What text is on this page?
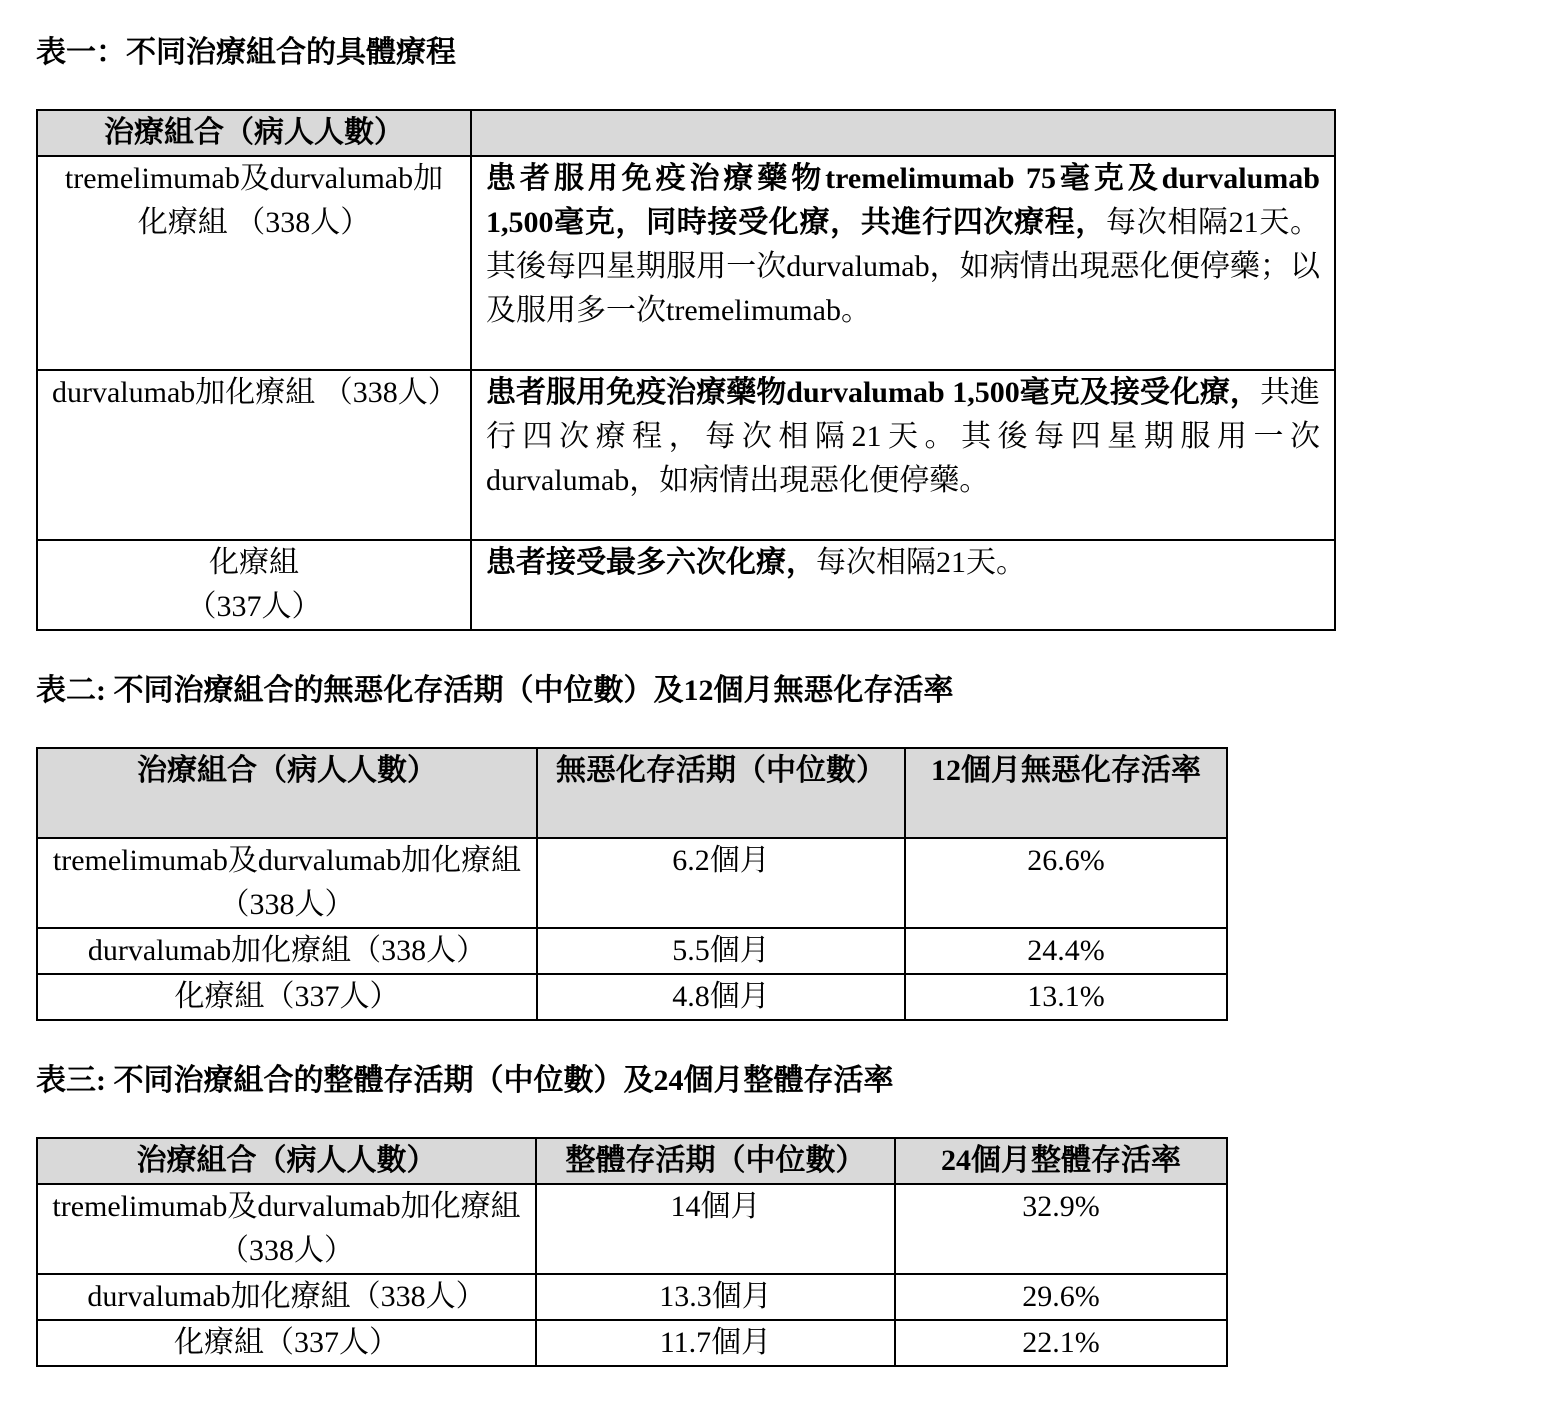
表一：不同治療組合的具體療程
治療組合（病人人數）	
tremelimumab及durvalumab加化療組 （338人）	患者服用免疫治療藥物tremelimumab 75毫克及durvalumab 1,500毫克，同時接受化療，共進行四次療程，每次相隔21天。其後每四星期服用一次durvalumab，如病情出現惡化便停藥；以及服用多一次tremelimumab。
durvalumab加化療組 （338人）	患者服用免疫治療藥物durvalumab 1,500毫克及接受化療，共進行四次療程，每次相隔21天。其後每四星期服用一次durvalumab，如病情出現惡化便停藥。
化療組
（337人）	患者接受最多六次化療，每次相隔21天。
表二: 不同治療組合的無惡化存活期（中位數）及12個月無惡化存活率
治療組合（病人人數）	無惡化存活期（中位數）	12個月無惡化存活率
tremelimumab及durvalumab加化療組（338人）	6.2個月	26.6%
durvalumab加化療組（338人）	5.5個月	24.4%
化療組（337人）	4.8個月	13.1%
表三: 不同治療組合的整體存活期（中位數）及24個月整體存活率
治療組合（病人人數）	整體存活期（中位數）	24個月整體存活率
tremelimumab及durvalumab加化療組（338人）	14個月	32.9%
durvalumab加化療組（338人）	13.3個月	29.6%
化療組（337人）	11.7個月	22.1%
